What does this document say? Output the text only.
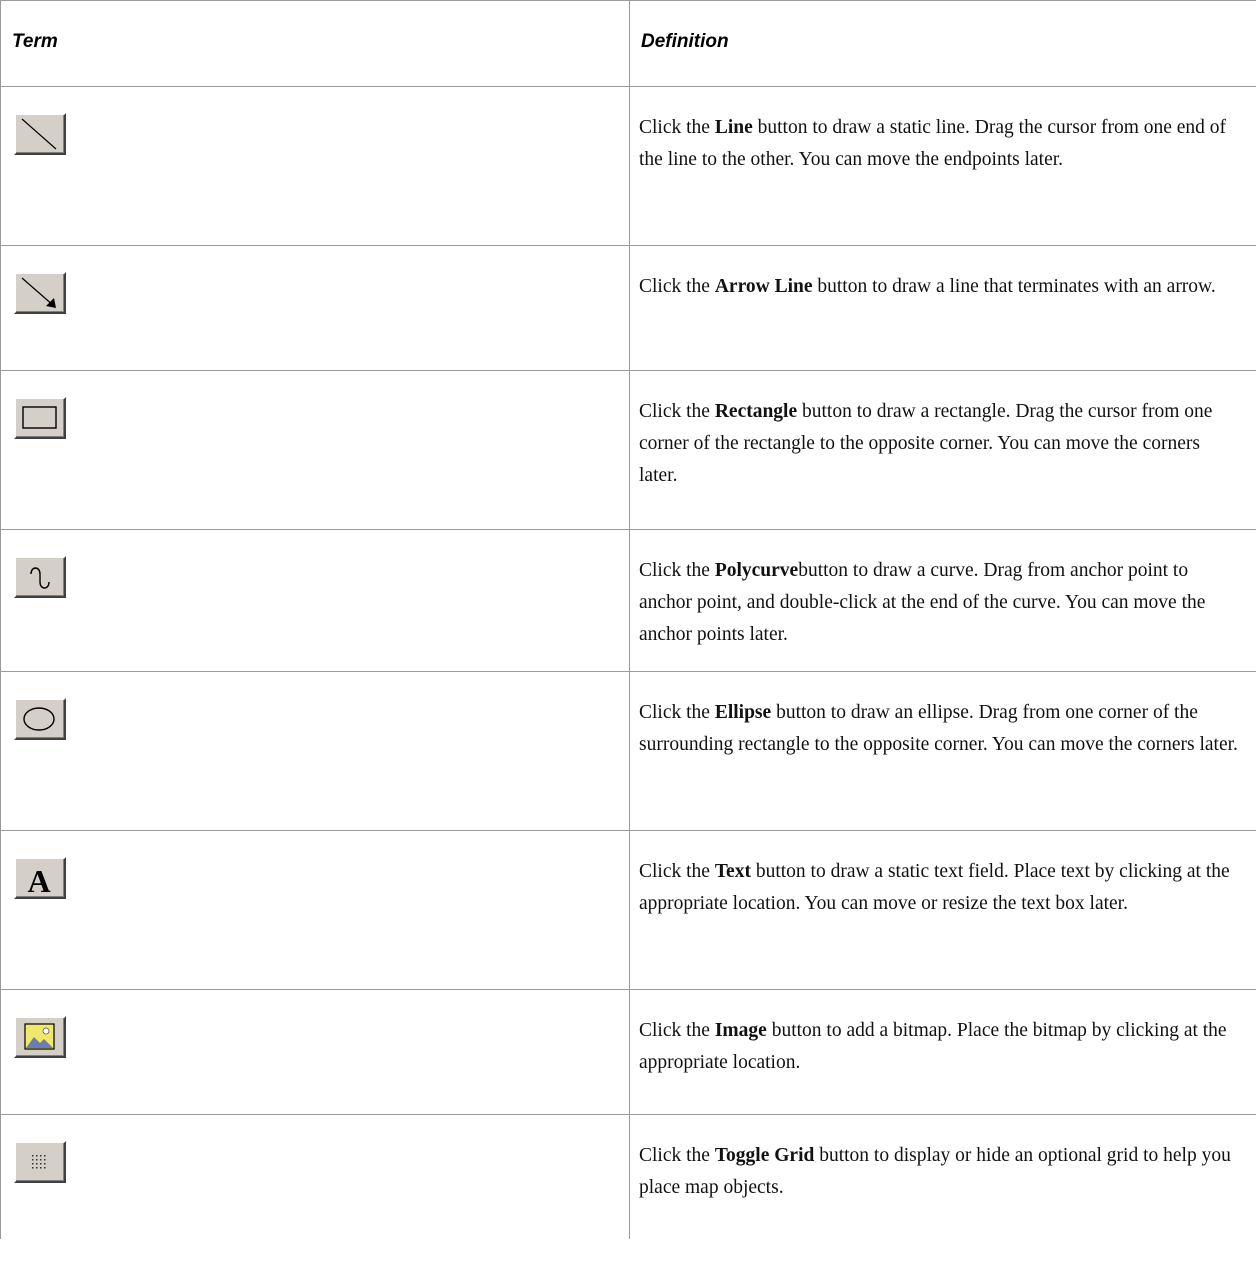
Term	Definition

	Click the Line button to draw a static line. Drag the cursor from one end of the line to the other. You can move the endpoints later.

	Click the Arrow Line button to draw a line that terminates with an arrow.

	Click the Rectangle button to draw a rectangle. Drag the cursor from one corner of the rectangle to the opposite corner. You can move the corners later.

	Click the Polycurvebutton to draw a curve. Drag from anchor point to anchor point, and double-click at the end of the curve. You can move the anchor points later.

	Click the Ellipse button to draw an ellipse. Drag from one corner of the surrounding rectangle to the opposite corner. You can move the corners later.

A	Click the Text button to draw a static text field. Place text by clicking at the appropriate location. You can move or resize the text box later.

	Click the Image button to add a bitmap. Place the bitmap by clicking at the appropriate location.

	Click the Toggle Grid button to display or hide an optional grid to help you place map objects.
